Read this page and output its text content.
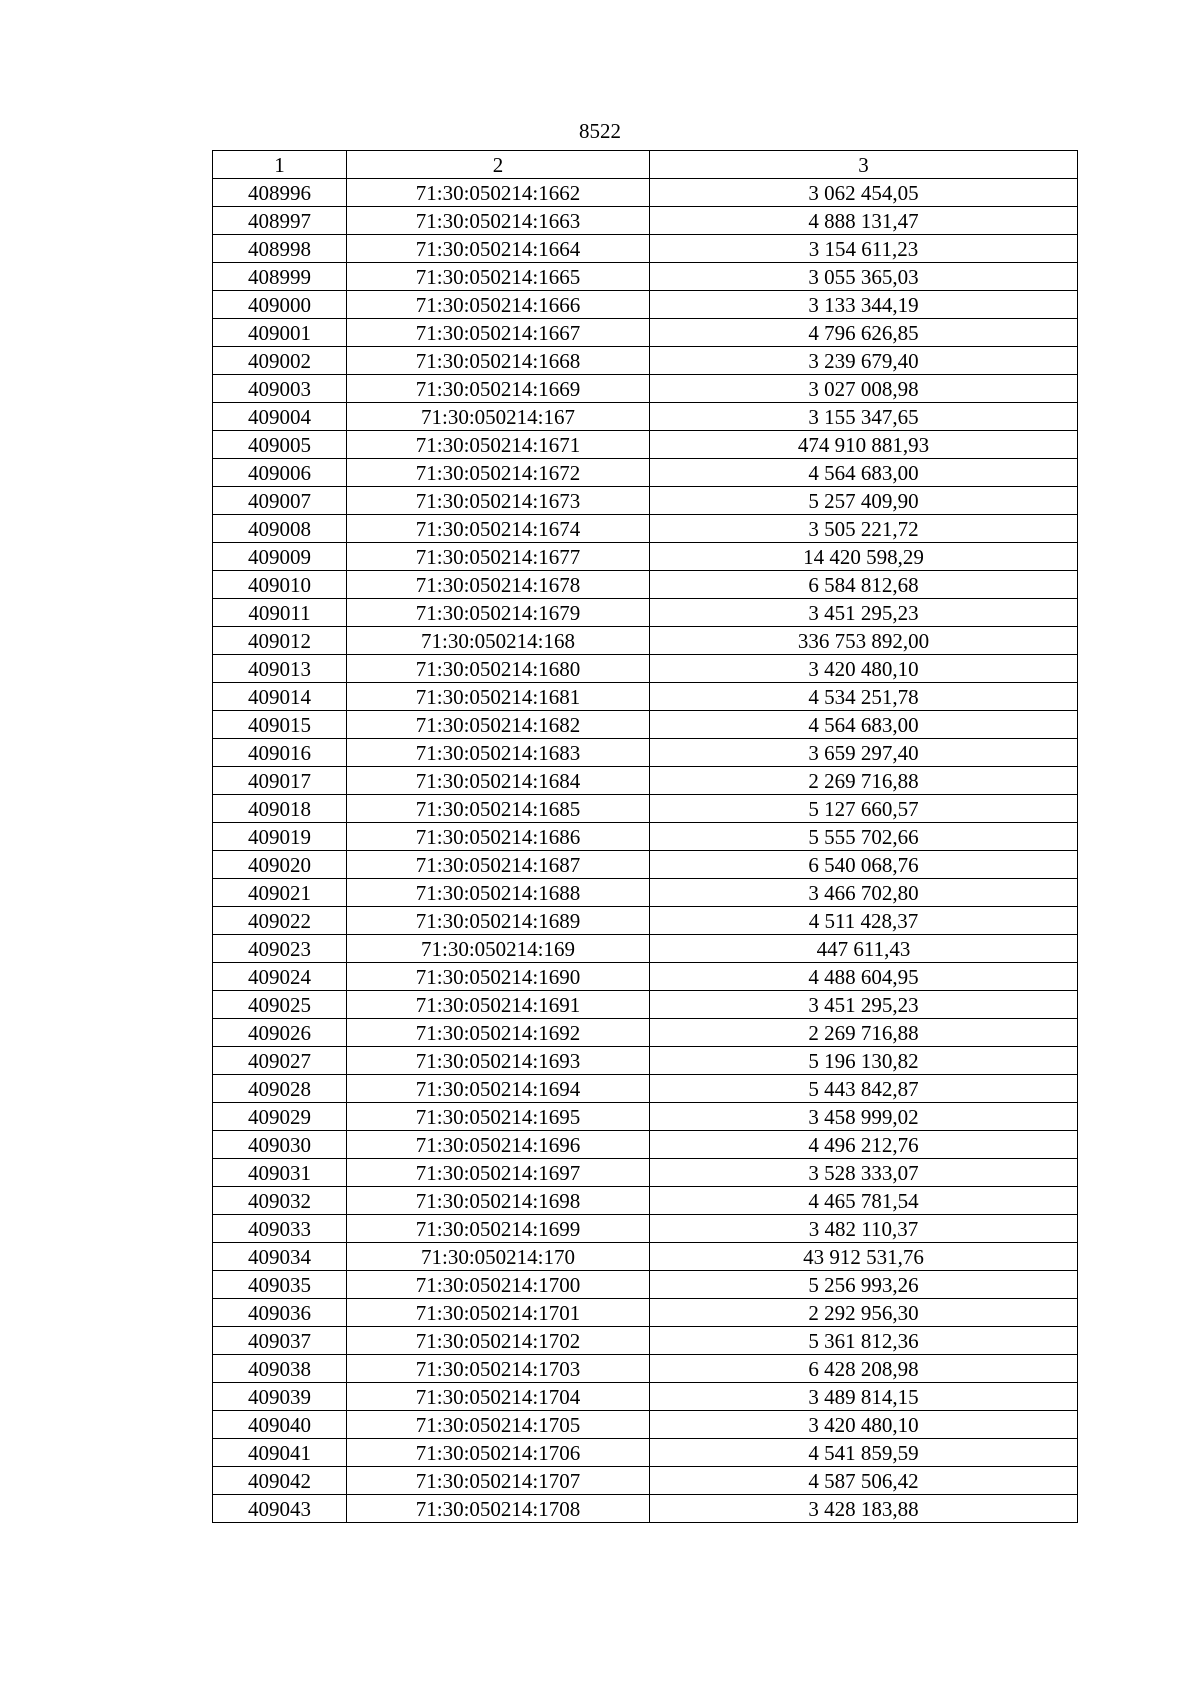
8522
1	2	3
408996	71:30:050214:1662	3 062 454,05
408997	71:30:050214:1663	4 888 131,47
408998	71:30:050214:1664	3 154 611,23
408999	71:30:050214:1665	3 055 365,03
409000	71:30:050214:1666	3 133 344,19
409001	71:30:050214:1667	4 796 626,85
409002	71:30:050214:1668	3 239 679,40
409003	71:30:050214:1669	3 027 008,98
409004	71:30:050214:167	3 155 347,65
409005	71:30:050214:1671	474 910 881,93
409006	71:30:050214:1672	4 564 683,00
409007	71:30:050214:1673	5 257 409,90
409008	71:30:050214:1674	3 505 221,72
409009	71:30:050214:1677	14 420 598,29
409010	71:30:050214:1678	6 584 812,68
409011	71:30:050214:1679	3 451 295,23
409012	71:30:050214:168	336 753 892,00
409013	71:30:050214:1680	3 420 480,10
409014	71:30:050214:1681	4 534 251,78
409015	71:30:050214:1682	4 564 683,00
409016	71:30:050214:1683	3 659 297,40
409017	71:30:050214:1684	2 269 716,88
409018	71:30:050214:1685	5 127 660,57
409019	71:30:050214:1686	5 555 702,66
409020	71:30:050214:1687	6 540 068,76
409021	71:30:050214:1688	3 466 702,80
409022	71:30:050214:1689	4 511 428,37
409023	71:30:050214:169	447 611,43
409024	71:30:050214:1690	4 488 604,95
409025	71:30:050214:1691	3 451 295,23
409026	71:30:050214:1692	2 269 716,88
409027	71:30:050214:1693	5 196 130,82
409028	71:30:050214:1694	5 443 842,87
409029	71:30:050214:1695	3 458 999,02
409030	71:30:050214:1696	4 496 212,76
409031	71:30:050214:1697	3 528 333,07
409032	71:30:050214:1698	4 465 781,54
409033	71:30:050214:1699	3 482 110,37
409034	71:30:050214:170	43 912 531,76
409035	71:30:050214:1700	5 256 993,26
409036	71:30:050214:1701	2 292 956,30
409037	71:30:050214:1702	5 361 812,36
409038	71:30:050214:1703	6 428 208,98
409039	71:30:050214:1704	3 489 814,15
409040	71:30:050214:1705	3 420 480,10
409041	71:30:050214:1706	4 541 859,59
409042	71:30:050214:1707	4 587 506,42
409043	71:30:050214:1708	3 428 183,88
